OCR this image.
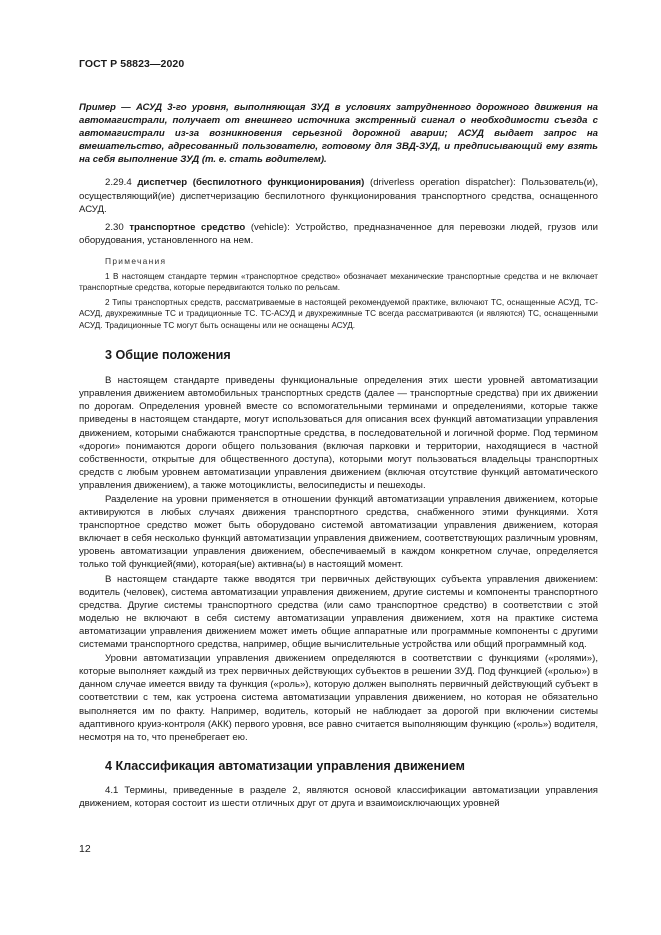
ГОСТ Р 58823—2020

Пример — АСУД 3-го уровня, выполняющая ЗУД в условиях затрудненного дорожного движения на автомагистрали, получает от внешнего источника экстренный сигнал о необходимости съезда с автомагистрали из-за возникновения серьезной дорожной аварии; АСУД выдает запрос на вмешательство, адресованный пользователю, готовому для ЗВД-ЗУД, и предписывающий ему взять на себя выполнение ЗУД (т. е. стать водителем).

2.29.4 диспетчер (беспилотного функционирования) (driverless operation dispatcher): Пользователь(и), осуществляющий(ие) диспетчеризацию беспилотного функционирования транспортного средства, оснащенного АСУД.

2.30 транспортное средство (vehicle): Устройство, предназначенное для перевозки людей, грузов или оборудования, установленного на нем.

Примечания

1 В настоящем стандарте термин «транспортное средство» обозначает механические транспортные средства и не включает транспортные средства, которые передвигаются только по рельсам.

2 Типы транспортных средств, рассматриваемые в настоящей рекомендуемой практике, включают ТС, оснащенные АСУД, ТС-АСУД, двухрежимные ТС и традиционные ТС. ТС-АСУД и двухрежимные ТС всегда рассматриваются (и являются) ТС, оснащенными АСУД. Традиционные ТС могут быть оснащены или не оснащены АСУД.

3 Общие положения

В настоящем стандарте приведены функциональные определения этих шести уровней автоматизации управления движением автомобильных транспортных средств (далее — транспортные средства) при их движении по дорогам. Определения уровней вместе со вспомогательными терминами и определениями, которые также приведены в настоящем стандарте, могут использоваться для описания всех функций автоматизации управления движением, которыми снабжаются транспортные средства, в последовательной и логичной форме. Под термином «дороги» понимаются дороги общего пользования (включая парковки и территории, находящиеся в частной собственности, открытые для общественного доступа), которыми могут пользоваться владельцы транспортных средств с любым уровнем автоматизации управления движением (включая отсутствие функций автоматического управления движением), а также мотоциклисты, велосипедисты и пешеходы.

Разделение на уровни применяется в отношении функций автоматизации управления движением, которые активируются в любых случаях движения транспортного средства, снабженного этими функциями. Хотя транспортное средство может быть оборудовано системой автоматизации управления движением, которая включает в себя несколько функций автоматизации управления движением, соответствующих различным уровням, уровень автоматизации управления движением, обеспечиваемый в каждом конкретном случае, определяется только той функцией(ями), которая(ые) активна(ы) в настоящий момент.

В настоящем стандарте также вводятся три первичных действующих субъекта управления движением: водитель (человек), система автоматизации управления движением, другие системы и компоненты транспортного средства. Другие системы транспортного средства (или само транспортное средство) в соответствии с этой моделью не включают в себя систему автоматизации управления движением, хотя на практике система автоматизации управления движением может иметь общие аппаратные или программные компоненты с другими системами транспортного средства, например, общие вычислительные устройства или общий программный код.

Уровни автоматизации управления движением определяются в соответствии с функциями («ролями»), которые выполняет каждый из трех первичных действующих субъектов в решении ЗУД. Под функцией («ролью») в данном случае имеется ввиду та функция («роль»), которую должен выполнять первичный действующий субъект в соответствии с тем, как устроена система автоматизации управления движением, но которая не обязательно выполняется им по факту. Например, водитель, который не наблюдает за дорогой при включении системы адаптивного круиз-контроля (АКК) первого уровня, все равно считается выполняющим функцию («роль») водителя, несмотря на то, что пренебрегает ею.

4 Классификация автоматизации управления движением

4.1 Термины, приведенные в разделе 2, являются основой классификации автоматизации управления движением, которая состоит из шести отличных друг от друга и взаимоисключающих уровней

12
